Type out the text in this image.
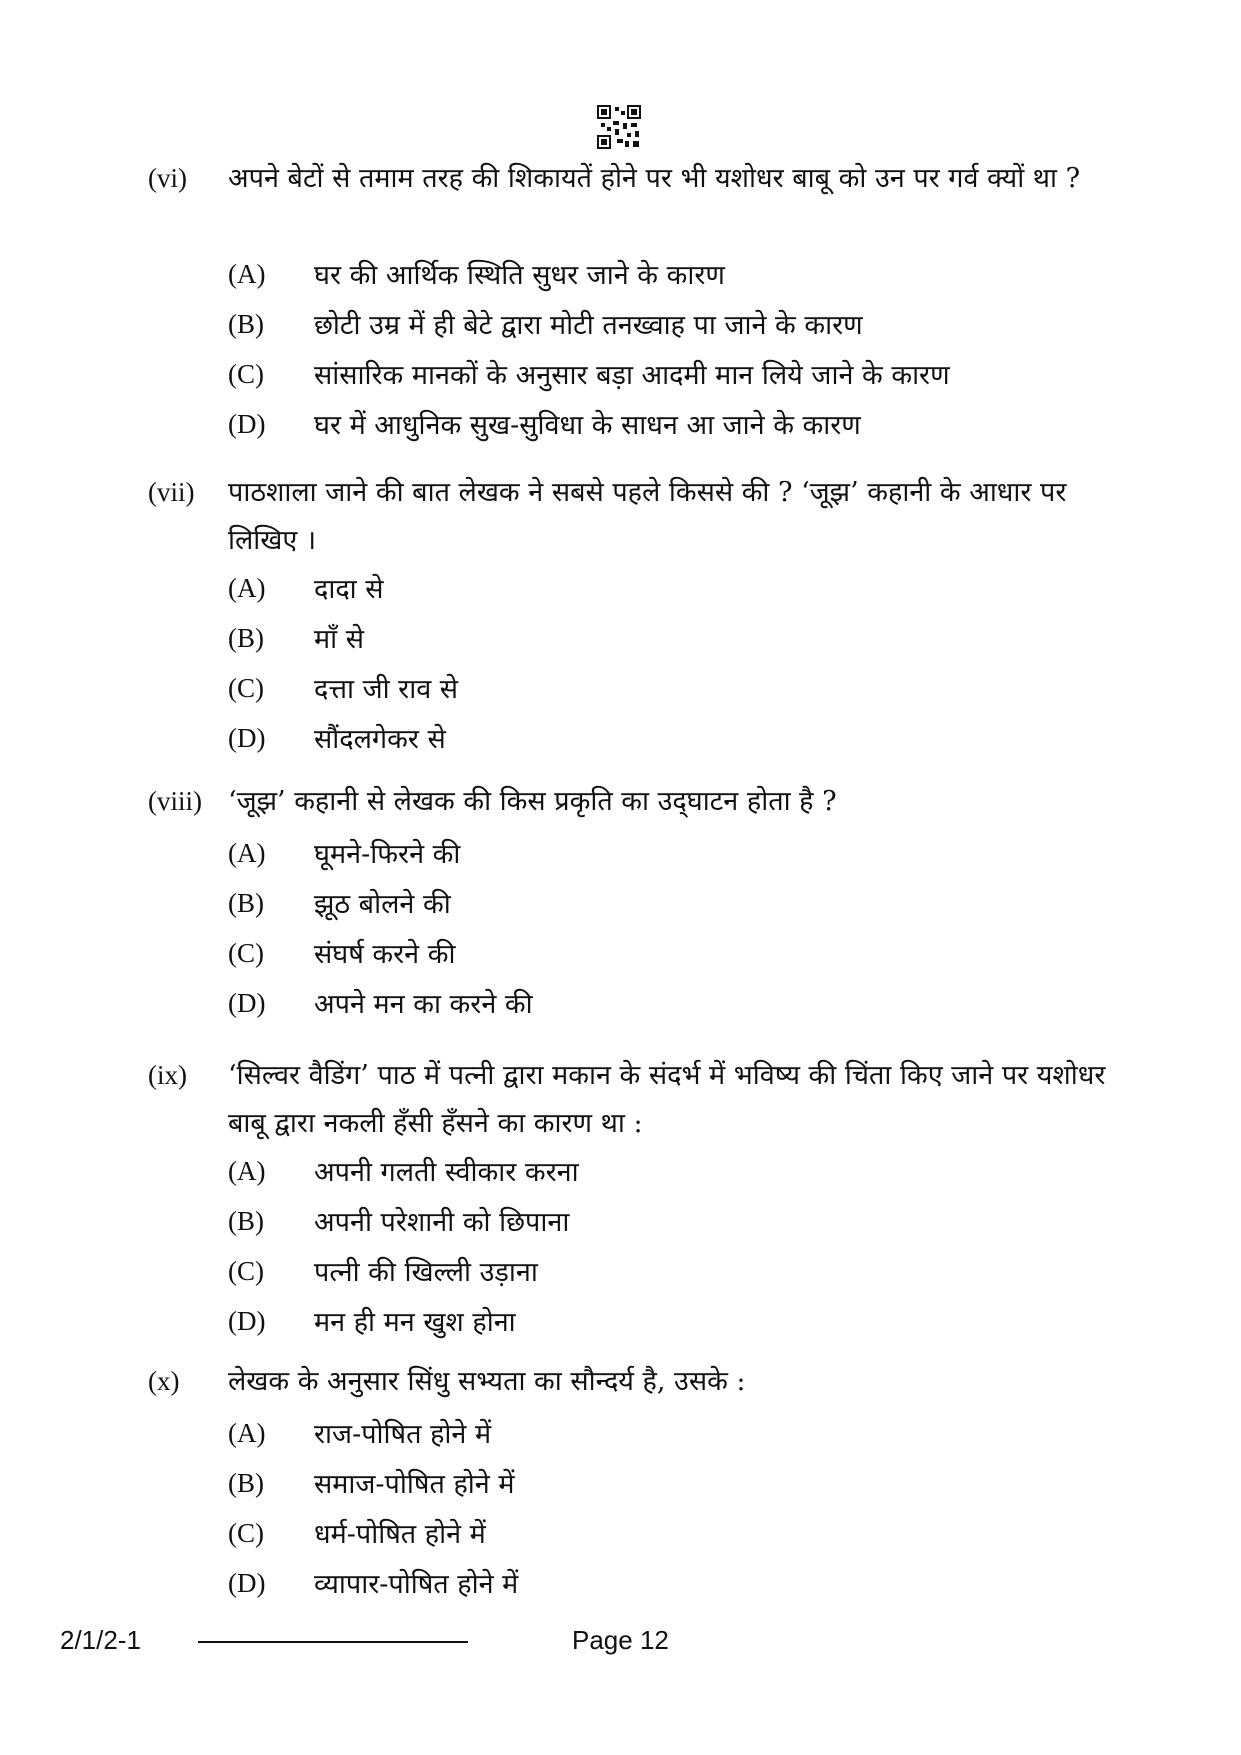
(vi) अपने बेटों से तमाम तरह की शिकायतें होने पर भी यशोधर बाबू को उन पर गर्व क्यों था ?
(A) घर की आर्थिक स्थिति सुधर जाने के कारण
(B) छोटी उम्र में ही बेटे द्वारा मोटी तनख्वाह पा जाने के कारण
(C) सांसारिक मानकों के अनुसार बड़ा आदमी मान लिये जाने के कारण
(D) घर में आधुनिक सुख-सुविधा के साधन आ जाने के कारण
(vii) पाठशाला जाने की बात लेखक ने सबसे पहले किससे की ? ‘जूझ’ कहानी के आधार पर लिखिए ।
(A) दादा से
(B) माँ से
(C) दत्ता जी राव से
(D) सौंदलगेकर से
(viii) ‘जूझ’ कहानी से लेखक की किस प्रकृति का उद्‌घाटन होता है ?
(A) घूमने-फिरने की
(B) झूठ बोलने की
(C) संघर्ष करने की
(D) अपने मन का करने की
(ix) ‘सिल्वर वैडिंग’ पाठ में पत्नी द्वारा मकान के संदर्भ में भविष्य की चिंता किए जाने पर यशोधर बाबू द्वारा नकली हँसी हँसने का कारण था :
(A) अपनी गलती स्वीकार करना
(B) अपनी परेशानी को छिपाना
(C) पत्नी की खिल्ली उड़ाना
(D) मन ही मन खुश होना
(x) लेखक के अनुसार सिंधु सभ्यता का सौन्दर्य है, उसके :
(A) राज-पोषित होने में
(B) समाज-पोषित होने में
(C) धर्म-पोषित होने में
(D) व्यापार-पोषित होने में
2/1/2-1	Page 12
